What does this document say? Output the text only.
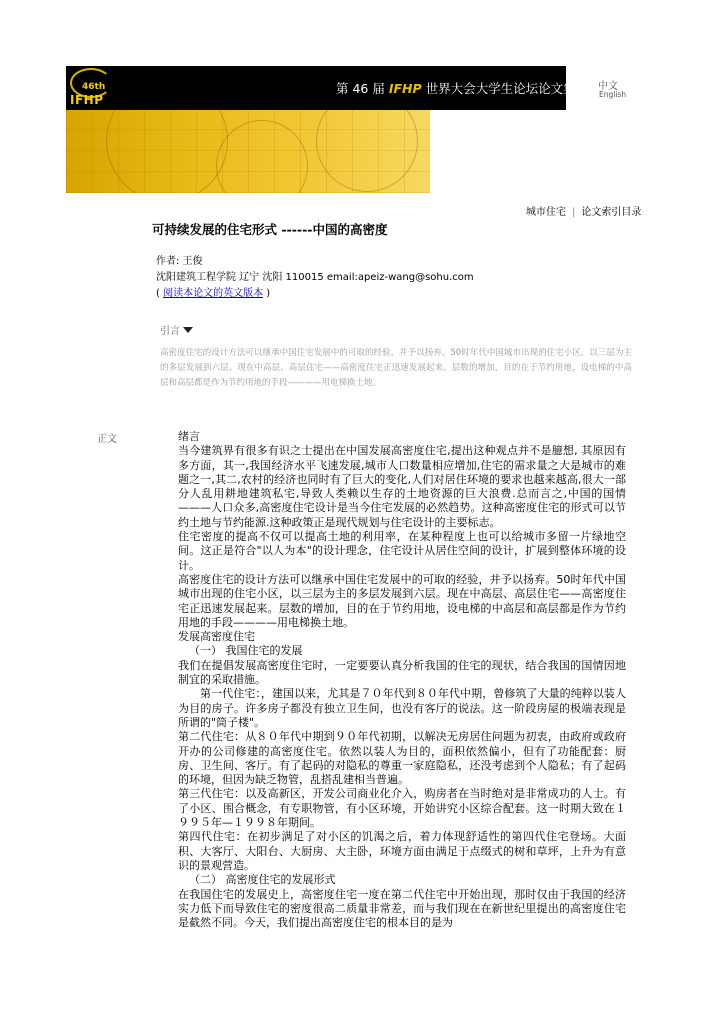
46th
IFHP
第 46 届 IFHP 世界大会大学生论坛论文集 中文
English
城市住宅 | 论文索引目录
可持续发展的住宅形式 ------中国的高密度
作者: 王俊
沈阳建筑工程学院 辽宁 沈阳 110015 email:apeiz-wang@sohu.com
( 阅读本论文的英文版本 )
引言
高密度住宅的设计方法可以继承中国住宅发展中的可取的经验，并予以扬弃。50时年代中国城市出现的住宅小区，以三层为主的多层发展到六层。现在中高层、高层住宅——高密度住宅正迅速发展起来。层数的增加，目的在于节约用地，设电梯的中高层和高层都是作为节约用地的手段————用电梯换土地。
正文	绪言

当今建筑界有很多有识之士提出在中国发展高密度住宅,提出这种观点并不是臆想, 其原因有多方面，其一,我国经济水平飞速发展,城市人口数量相应增加,住宅的需求量之大是城市的难题之一,其二,农村的经济也同时有了巨大的变化,人们对居住环境的要求也越来越高,很大一部分人乱用耕地建筑私宅,导致人类赖以生存的土地资源的巨大浪费.总而言之,中国的国情———人口众多,高密度住宅设计是当今住宅发展的必然趋势。这种高密度住宅的形式可以节约土地与节约能源.这种政策正是现代规划与住宅设计的主要标志。

住宅密度的提高不仅可以提高土地的利用率，在某种程度上也可以给城市多留一片绿地空间。这正是符合"以人为本"的设计理念，住宅设计从居住空间的设计，扩展到整体环境的设计。

高密度住宅的设计方法可以继承中国住宅发展中的可取的经验，并予以扬弃。50时年代中国城市出现的住宅小区，以三层为主的多层发展到六层。现在中高层、高层住宅——高密度住宅正迅速发展起来。层数的增加，目的在于节约用地，设电梯的中高层和高层都是作为节约用地的手段————用电梯换土地。

发展高密度住宅

（一） 我国住宅的发展

我们在提倡发展高密度住宅时，一定要要认真分析我国的住宅的现状，结合我国的国情因地制宜的采取措施。

第一代住宅：，建国以来，尤其是７０年代到８０年代中期，曾修筑了大量的纯粹以装人为目的房子。许多房子都没有独立卫生间，也没有客厅的说法。这一阶段房屋的极端表现是所谓的"筒子楼"。

第二代住宅：从８０年代中期到９０年代初期，以解决无房居住问题为初衷，由政府或政府开办的公司修建的高密度住宅。依然以装人为目的，面积依然偏小，但有了功能配套：厨房、卫生间、客厅。有了起码的对隐私的尊重一家庭隐私，还没考虑到个人隐私；有了起码的环境，但因为缺乏物管，乱搭乱建相当普遍。

第三代住宅：以及高新区，开发公司商业化介入，购房者在当时绝对是非常成功的人士。有了小区、围合概念，有专职物管，有小区环境，开始讲究小区综合配套。这一时期大致在１９９５年—１９９８年期间。

第四代住宅：在初步满足了对小区的饥渴之后，着力体现舒适性的第四代住宅登场。大面积、大客厅、大阳台、大厨房、大主卧，环境方面由满足于点缀式的树和草坪，上升为有意识的景观营造。

（二） 高密度住宅的发展形式

在我国住宅的发展史上，高密度住宅一度在第二代住宅中开始出现，那时仅由于我国的经济实力低下而导致住宅的密度很高二质量非常差，而与我们现在在新世纪里提出的高密度住宅是截然不同。今天，我们提出高密度住宅的根本目的是为
